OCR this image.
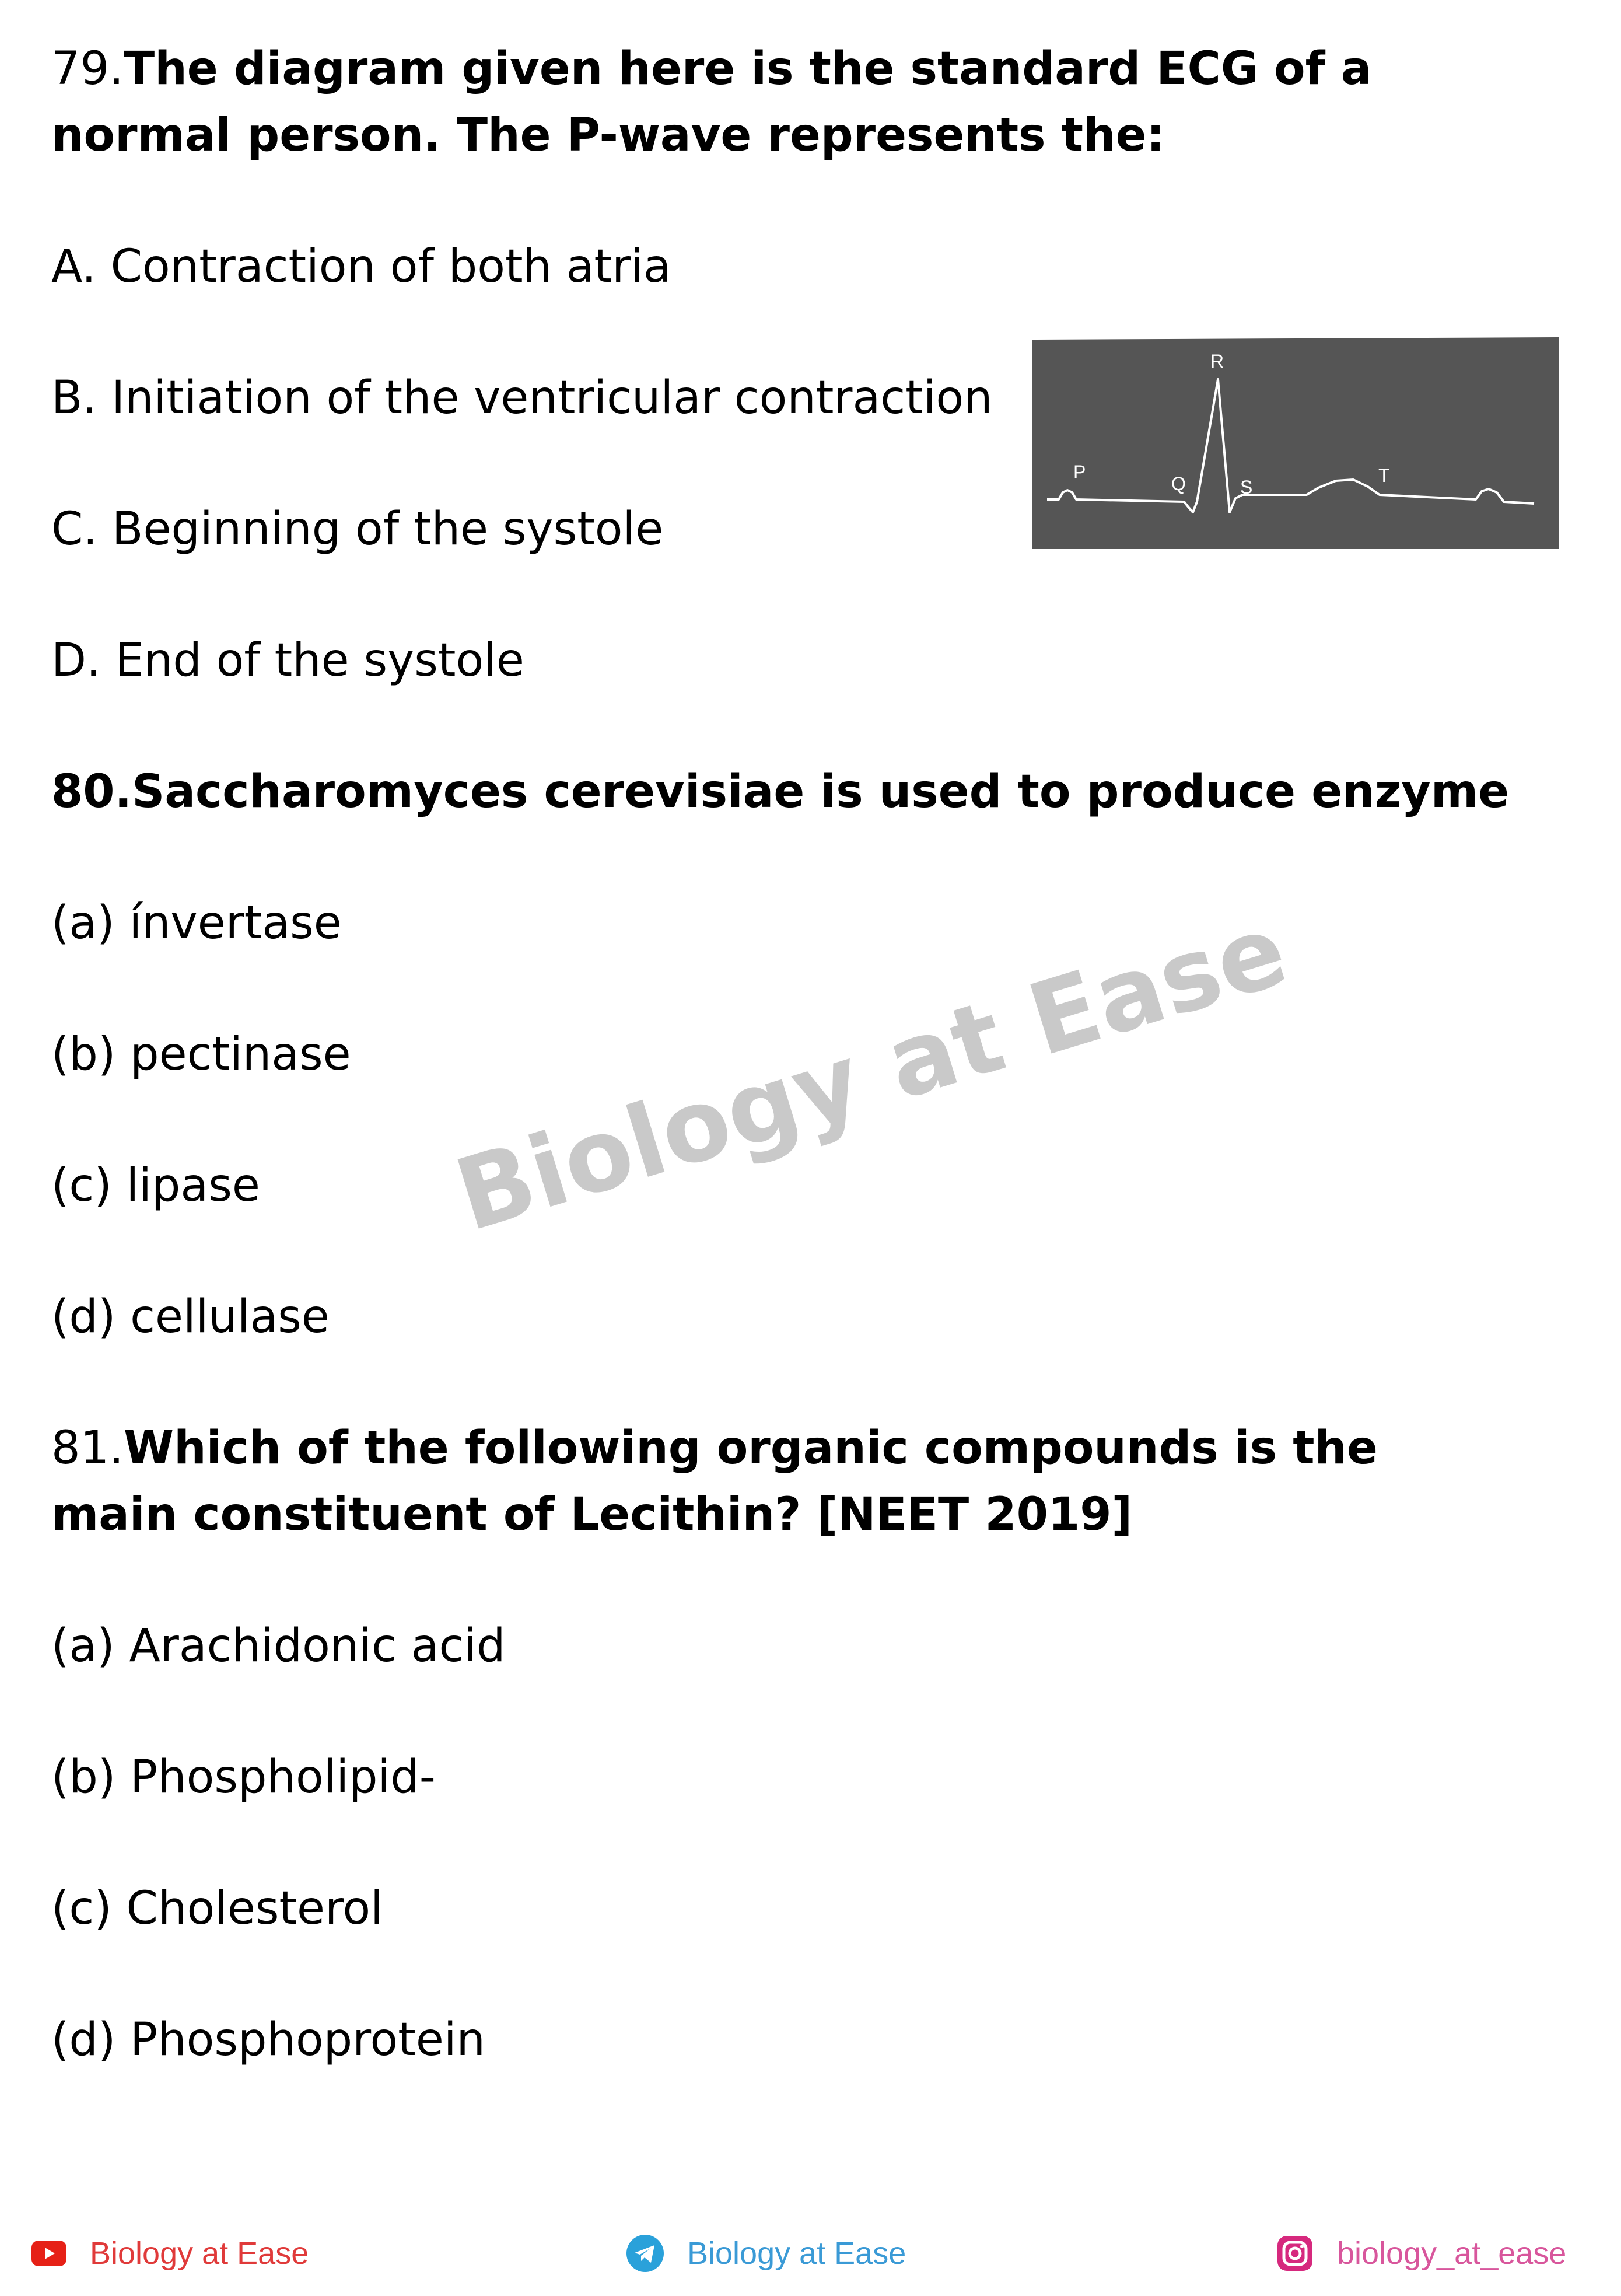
79.The diagram given here is the standard ECG of a
normal person. The P-wave represents the:
A. Contraction of both atria
B. Initiation of the ventricular contraction
C. Beginning of the systole
D. End of the systole
P
Q
R
S
T
80.Saccharomyces cerevisiae is used to produce enzyme
(a) ínvertase
(b) pectinase
(c) lipase
(d) cellulase
Biology at Ease
81.Which of the following organic compounds is the
main constituent of Lecithin? [NEET 2019]
(a) Arachidonic acid
(b) Phospholipid-
(c) Cholesterol
(d) Phosphoprotein
Biology at Ease	Biology at Ease	biology_at_ease
